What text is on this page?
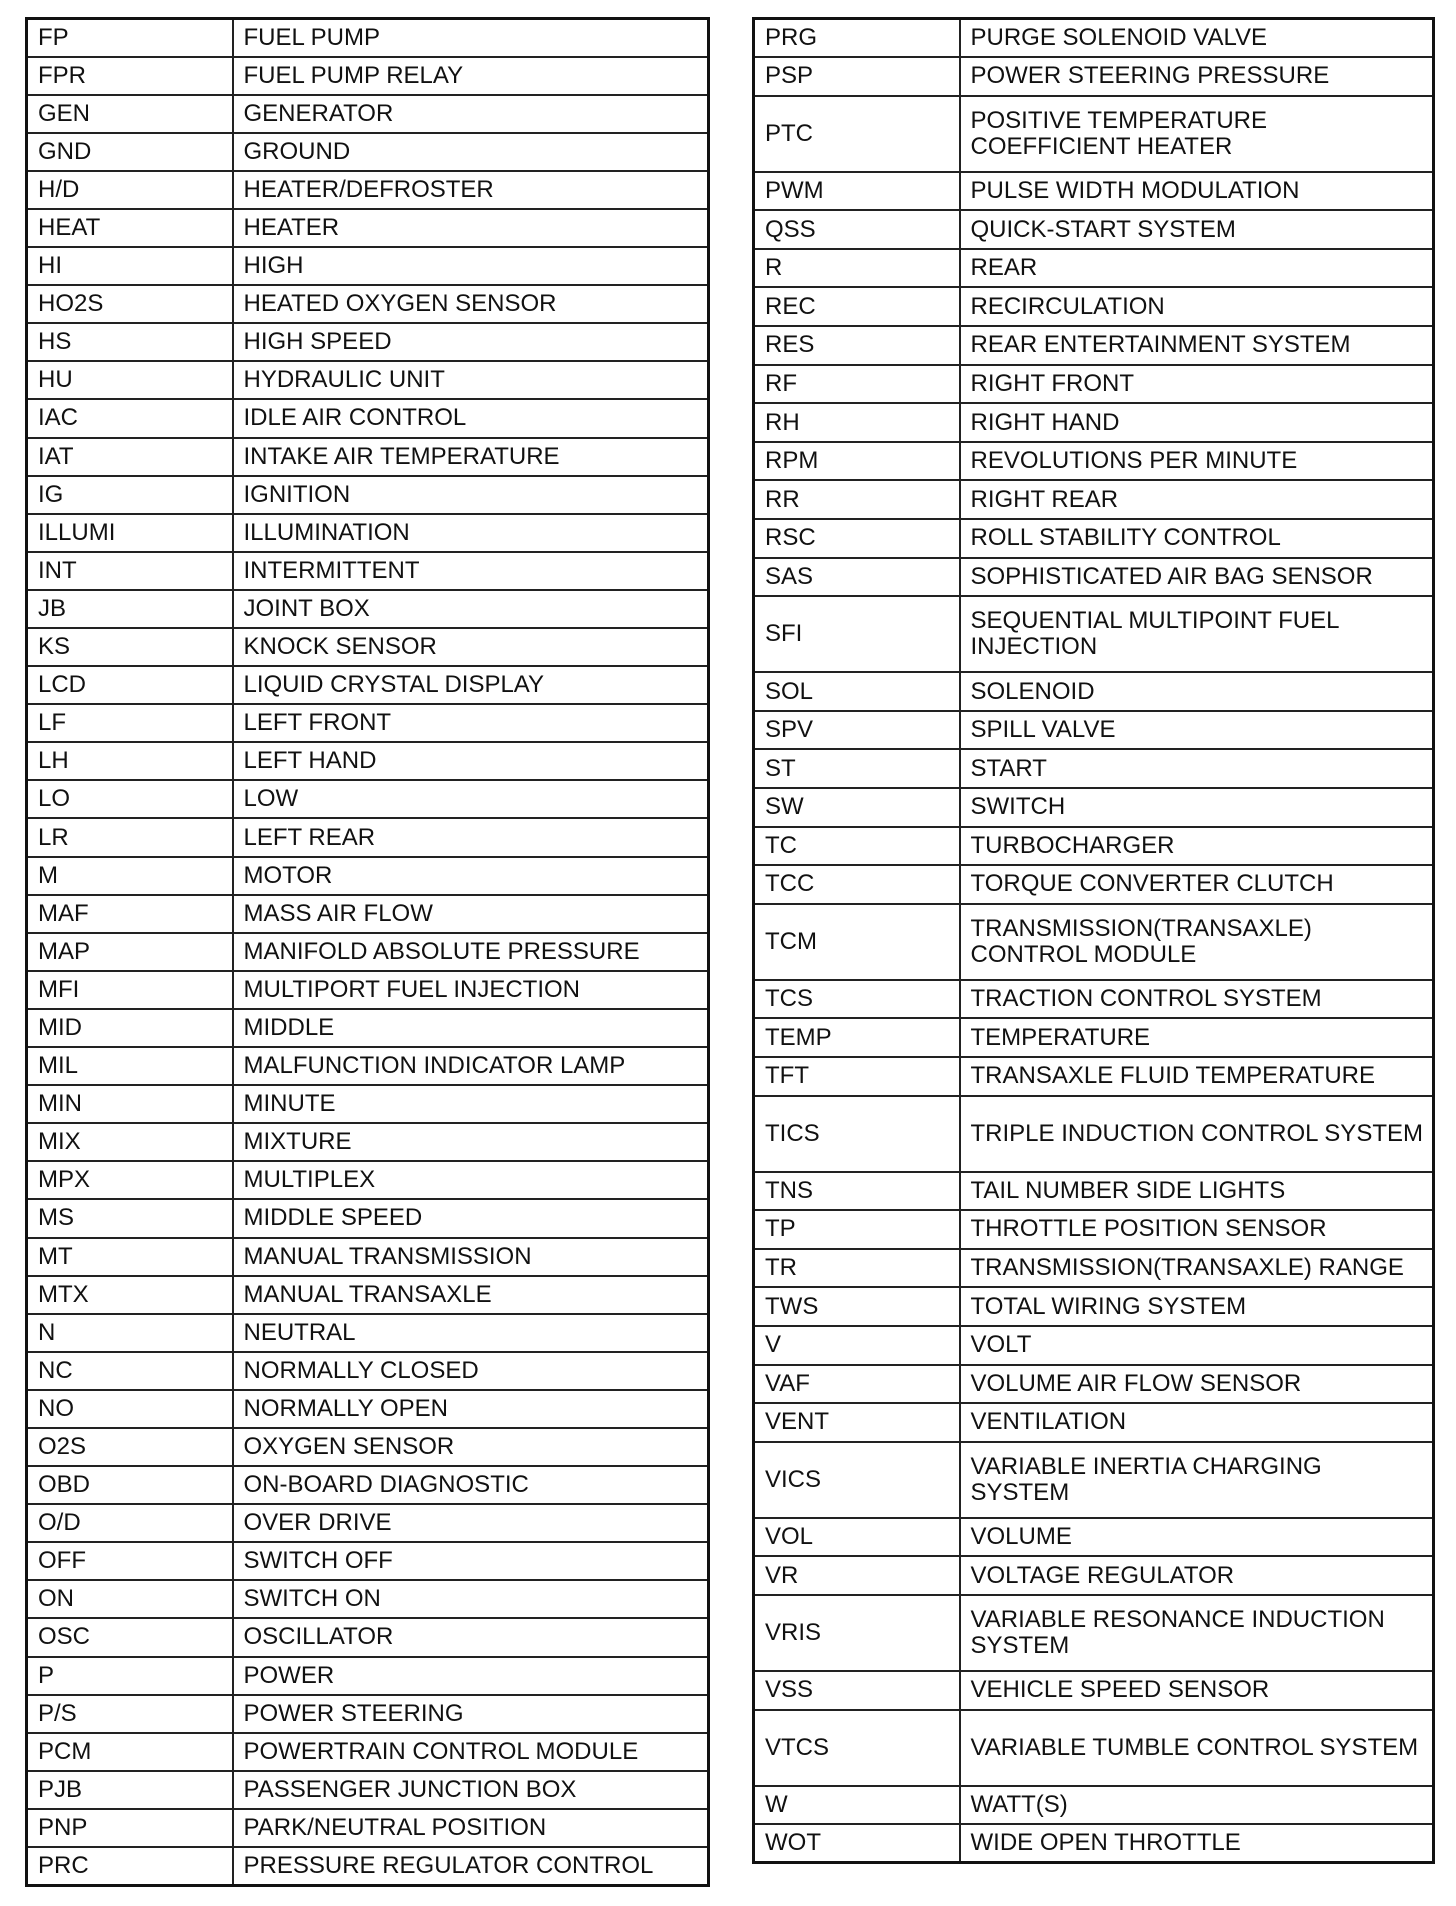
FP	FUEL PUMP
FPR	FUEL PUMP RELAY
GEN	GENERATOR
GND	GROUND
H/D	HEATER/DEFROSTER
HEAT	HEATER
HI	HIGH
HO2S	HEATED OXYGEN SENSOR
HS	HIGH SPEED
HU	HYDRAULIC UNIT
IAC	IDLE AIR CONTROL
IAT	INTAKE AIR TEMPERATURE
IG	IGNITION
ILLUMI	ILLUMINATION
INT	INTERMITTENT
JB	JOINT BOX
KS	KNOCK SENSOR
LCD	LIQUID CRYSTAL DISPLAY
LF	LEFT FRONT
LH	LEFT HAND
LO	LOW
LR	LEFT REAR
M	MOTOR
MAF	MASS AIR FLOW
MAP	MANIFOLD ABSOLUTE PRESSURE
MFI	MULTIPORT FUEL INJECTION
MID	MIDDLE
MIL	MALFUNCTION INDICATOR LAMP
MIN	MINUTE
MIX	MIXTURE
MPX	MULTIPLEX
MS	MIDDLE SPEED
MT	MANUAL TRANSMISSION
MTX	MANUAL TRANSAXLE
N	NEUTRAL
NC	NORMALLY CLOSED
NO	NORMALLY OPEN
O2S	OXYGEN SENSOR
OBD	ON-BOARD DIAGNOSTIC
O/D	OVER DRIVE
OFF	SWITCH OFF
ON	SWITCH ON
OSC	OSCILLATOR
P	POWER
P/S	POWER STEERING
PCM	POWERTRAIN CONTROL MODULE
PJB	PASSENGER JUNCTION BOX
PNP	PARK/NEUTRAL POSITION
PRC	PRESSURE REGULATOR CONTROL
PRG	PURGE SOLENOID VALVE
PSP	POWER STEERING PRESSURE
PTC	POSITIVE TEMPERATURE COEFFICIENT HEATER
PWM	PULSE WIDTH MODULATION
QSS	QUICK-START SYSTEM
R	REAR
REC	RECIRCULATION
RES	REAR ENTERTAINMENT SYSTEM
RF	RIGHT FRONT
RH	RIGHT HAND
RPM	REVOLUTIONS PER MINUTE
RR	RIGHT REAR
RSC	ROLL STABILITY CONTROL
SAS	SOPHISTICATED AIR BAG SENSOR
SFI	SEQUENTIAL MULTIPOINT FUEL INJECTION
SOL	SOLENOID
SPV	SPILL VALVE
ST	START
SW	SWITCH
TC	TURBOCHARGER
TCC	TORQUE CONVERTER CLUTCH
TCM	TRANSMISSION(TRANSAXLE) CONTROL MODULE
TCS	TRACTION CONTROL SYSTEM
TEMP	TEMPERATURE
TFT	TRANSAXLE FLUID TEMPERATURE
TICS	TRIPLE INDUCTION CONTROL SYSTEM
TNS	TAIL NUMBER SIDE LIGHTS
TP	THROTTLE POSITION SENSOR
TR	TRANSMISSION(TRANSAXLE) RANGE
TWS	TOTAL WIRING SYSTEM
V	VOLT
VAF	VOLUME AIR FLOW SENSOR
VENT	VENTILATION
VICS	VARIABLE INERTIA CHARGING SYSTEM
VOL	VOLUME
VR	VOLTAGE REGULATOR
VRIS	VARIABLE RESONANCE INDUCTION SYSTEM
VSS	VEHICLE SPEED SENSOR
VTCS	VARIABLE TUMBLE CONTROL SYSTEM
W	WATT(S)
WOT	WIDE OPEN THROTTLE
